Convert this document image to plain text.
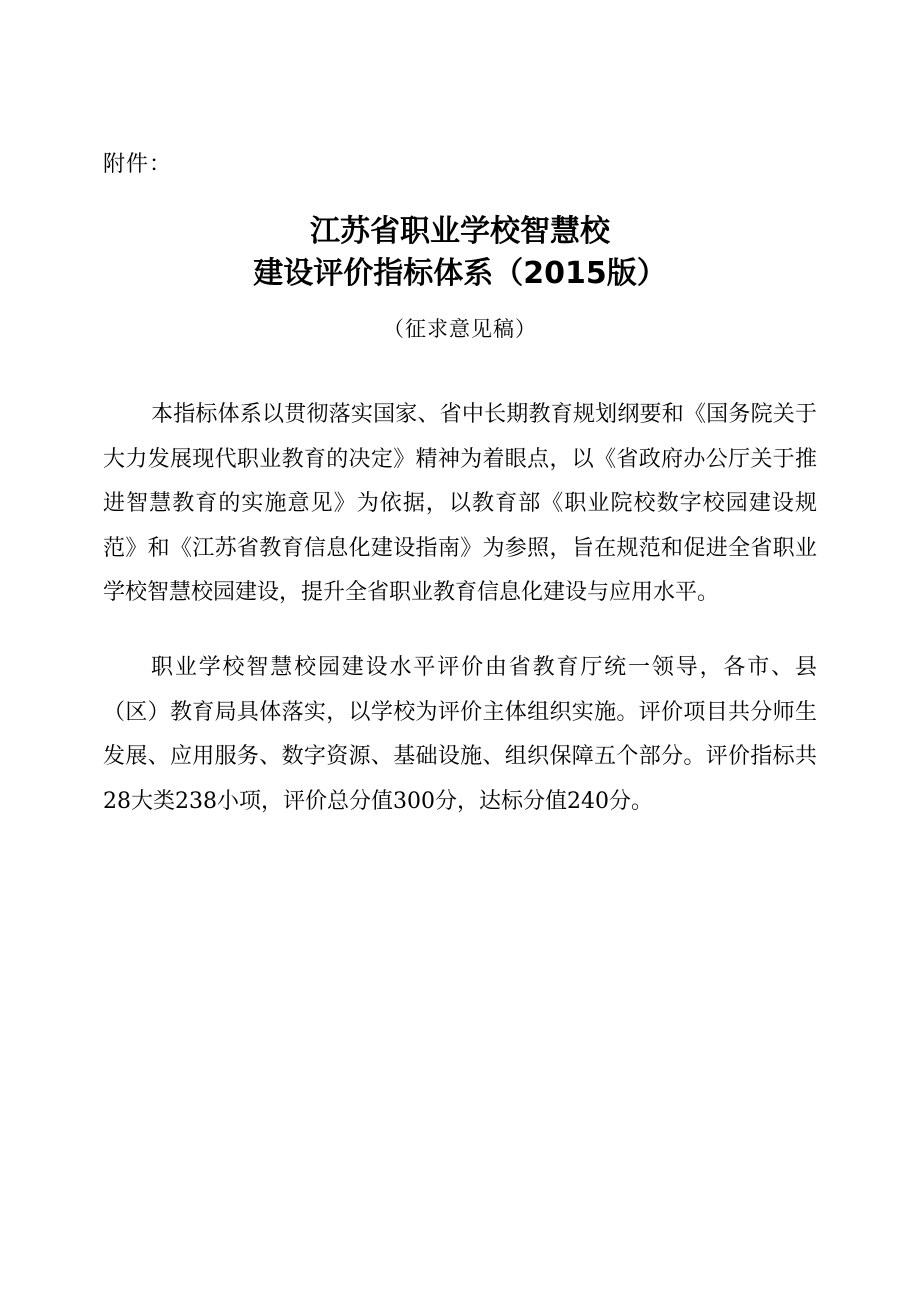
附件：
江苏省职业学校智慧校
建设评价指标体系（2015版）
（征求意见稿）

本指标体系以贯彻落实国家、省中长期教育规划纲要和《国务院关于大力发展现代职业教育的决定》精神为着眼点，以《省政府办公厅关于推进智慧教育的实施意见》为依据，以教育部《职业院校数字校园建设规范》和《江苏省教育信息化建设指南》为参照，旨在规范和促进全省职业学校智慧校园建设，提升全省职业教育信息化建设与应用水平。

职业学校智慧校园建设水平评价由省教育厅统一领导，各市、县（区）教育局具体落实，以学校为评价主体组织实施。评价项目共分师生发展、应用服务、数字资源、基础设施、组织保障五个部分。评价指标共28大类238小项，评价总分值300分，达标分值240分。
